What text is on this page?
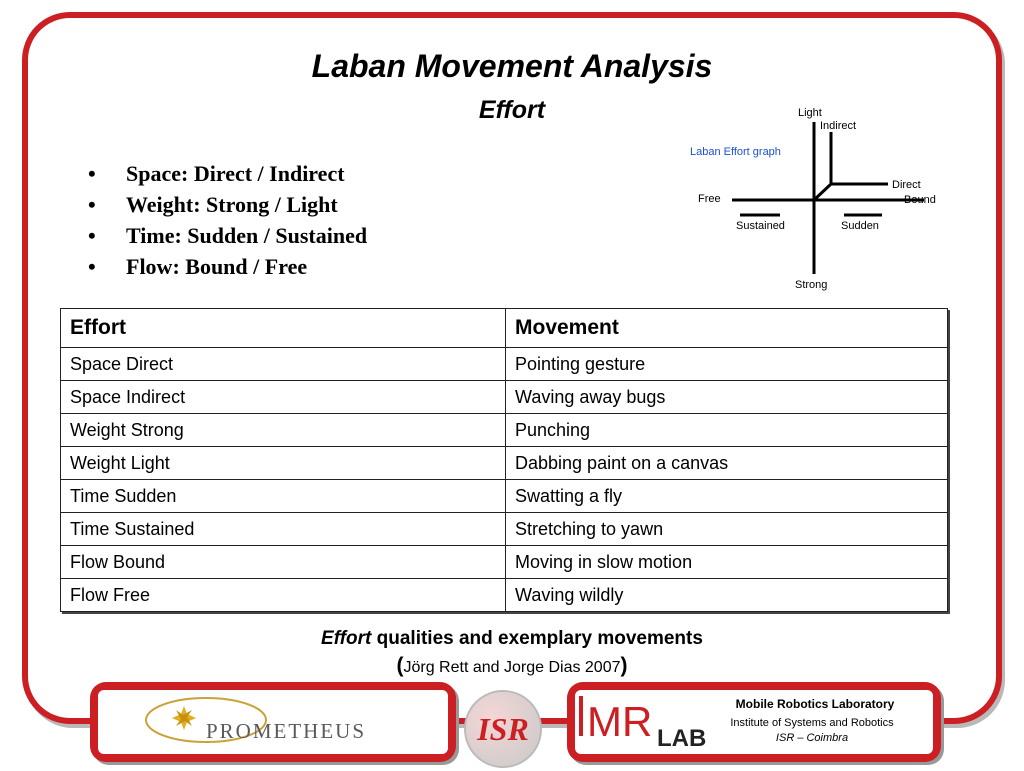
Laban Movement Analysis
Effort
• Space: Direct / Indirect
• Weight: Strong / Light
• Time: Sudden / Sustained
• Flow: Bound / Free
Light
Indirect
Laban Effort graph
Direct
Bound
Free
Sustained	Sudden
Strong
Effort	Movement
Space Direct	Pointing gesture
Space Indirect	Waving away bugs
Weight Strong	Punching
Weight Light	Dabbing paint on a canvas
Time Sudden	Swatting a fly
Time Sustained	Stretching to yawn
Flow Bound	Moving in slow motion
Flow Free	Waving wildly
Effort qualities and exemplary movements
(Jörg Rett and Jorge Dias 2007)
PROMETHEUS	ISR MR LAB
Mobile Robotics Laboratory
Institute of Systems and Robotics
ISR – Coimbra
